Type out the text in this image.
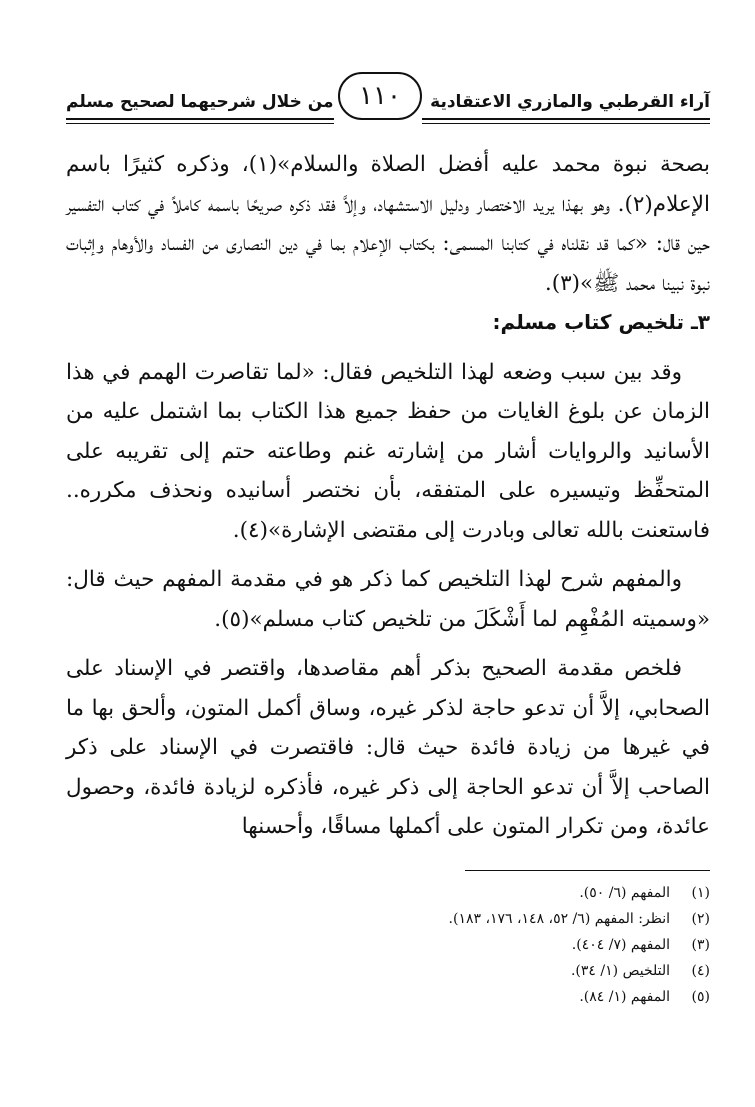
من خلال شرحيهما لصحيح مسلم	آراء القرطبي والمازري الاعتقادية
١١٠

بصحة نبوة محمد عليه أفضل الصلاة والسلام»(١)، وذكره كثيرًا باسم الإعلام(٢). وهو بهذا يريد الاختصار ودليل الاستشهاد، وإلاَّ فقد ذكره صريحًا باسمه كاملاً في كتاب التفسير حين قال: «كما قد نقلناه في كتابنا المسمى: بكتاب الإعلام بما في دين النصارى من الفساد والأوهام وإثبات نبوة نبينا محمد ﷺ»(٣).

٣ـ تلخيص كتاب مسلم:

وقد بين سبب وضعه لهذا التلخيص فقال: «لما تقاصرت الهمم في هذا الزمان عن بلوغ الغايات من حفظ جميع هذا الكتاب بما اشتمل عليه من الأسانيد والروايات أشار من إشارته غنم وطاعته حتم إلى تقريبه على المتحفِّظ وتيسيره على المتفقه، بأن نختصر أسانيده ونحذف مكرره.. فاستعنت بالله تعالى وبادرت إلى مقتضى الإشارة»(٤).

والمفهم شرح لهذا التلخيص كما ذكر هو في مقدمة المفهم حيث قال: «وسميته المُفْهِم لما أَشْكَلَ من تلخيص كتاب مسلم»(٥).

فلخص مقدمة الصحيح بذكر أهم مقاصدها، واقتصر في الإسناد على الصحابي، إلاَّ أن تدعو حاجة لذكر غيره، وساق أكمل المتون، وألحق بها ما في غيرها من زيادة فائدة حيث قال: فاقتصرت في الإسناد على ذكر الصاحب إلاَّ أن تدعو الحاجة إلى ذكر غيره، فأذكره لزيادة فائدة، وحصول عائدة، ومن تكرار المتون على أكملها مساقًا، وأحسنها

(١)
المفهم (٦/ ٥٠).
(٢)
انظر: المفهم (٦/ ٥٢، ١٤٨، ١٧٦، ١٨٣).
(٣)
المفهم (٧/ ٤٠٤).
(٤)
التلخيص (١/ ٣٤).
(٥)
المفهم (١/ ٨٤).
